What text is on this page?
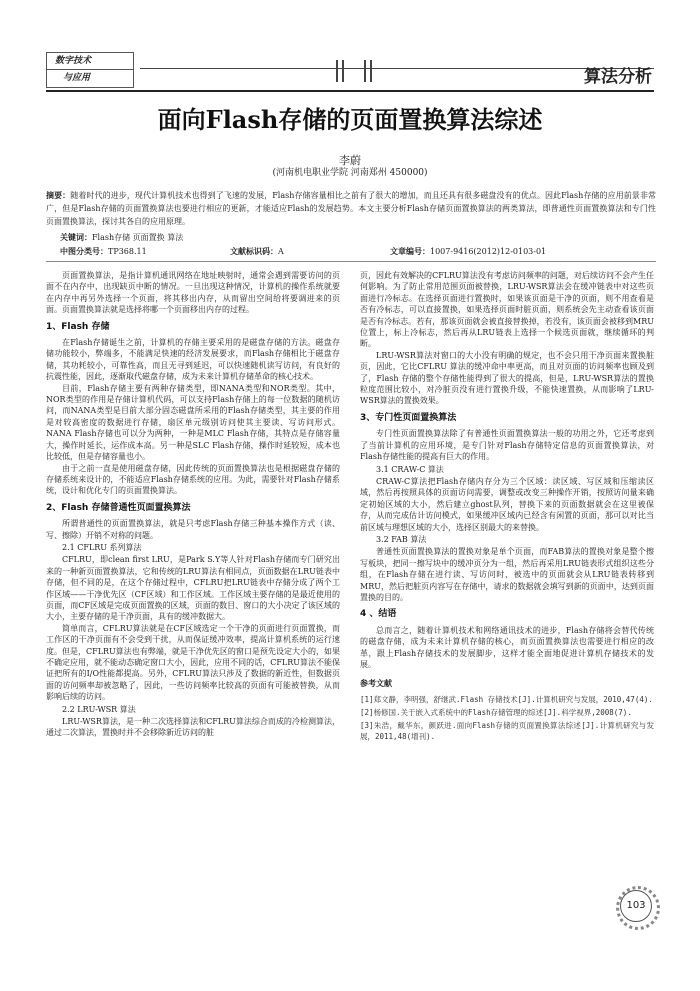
数字技术
与应用	算法分析
面向Flash存储的页面置换算法综述
李蔚
(河南机电职业学院 河南郑州 450000)
摘要：随着时代的进步，现代计算机技术也得到了飞速的发展，Flash存储容量相比之前有了很大的增加，而且还具有很多磁盘没有的优点。因此Flash存储的应用前景非常广，但是Flash存储的页面置换算法也要进行相应的更新，才能适应Flash的发展趋势。本文主要分析Flash存储页面置换算法的两类算法，即普通性页面置换算法和专门性页面置换算法，探讨其各自的应用原理。
关键词：Flash存储 页面置换 算法
中图分类号：TP368.11	文献标识码：A	文章编号：1007-9416(2012)12-0103-01

页面置换算法，是指计算机通讯网络在地址映射时，通常会遇到需要访问的页面不在内存中，出现缺页中断的情况。一旦出现这种情况，计算机的操作系统就要在内存中再另外选择一个页面，将其移出内存，从而留出空间给将要调进来的页面。页面置换算法就是选择将哪一个页面移出内存的过程。

1、Flash 存储

在Flash存储诞生之前，计算机的存储主要采用的是磁盘存储的方法。磁盘存储功能较小，弊端多，不能满足快速的经济发展要求，而Flash存储相比于磁盘存储，其功耗较小，可靠性高，而且无寻到延迟，可以快速随机读写访问，有良好的抗震性能，因此，逐渐取代磁盘存储，成为未来计算机存储革命的核心技术。

目前，Flash存储主要有两种存储类型，即NANA类型和NOR类型。其中，NOR类型的作用是存储计算机代码，可以支持Flash存储上的每一位数据的随机访问，而NANA类型是目前大部分固态磁盘所采用的Flash存储类型，其主要的作用是对较高密度的数据进行存储，扇区单元级别访问使其主要读、写访问形式。NANA Flash存储也可以分为两种，一种是MLC Flash存储，其特点是存储容量大，操作时延长，运作成本高。另一种是SLC Flash存储，操作时延较短，成本也比较低，但是存储容量也小。

由于之前一直是使用磁盘存储，因此传统的页面置换算法也是根据磁盘存储的存储系统来设计的，不能适应Flash存储系统的应用。为此，需要针对Flash存储系统，设计和优化专门的页面置换算法。

2、Flash 存储普通性页面置换算法

所谓普通性的页面置换算法，就是只考虑Flash存储三种基本操作方式（读、写、擦除）开销不对称的问题。

2.1 CFLRU 系列算法

CFLRU，即clean first LRU，是Park S.Y等人针对Flash存储而专门研究出来的一种新页面置换算法，它和传统的LRU算法有相同点，页面数据在LRU链表中存储，但不同的是，在这个存储过程中，CFLRU把LRU链表中存储分成了两个工作区域——干净优先区（CF区域）和工作区域。工作区域主要存储的是最近使用的页面，而CF区域是完成页面置换的区域，页面的数目、窗口的大小决定了该区域的大小，主要存储的是干净页面，具有的缓冲数据大。

简单而言，CFLRU算法就是在CF区域选定一个干净的页面进行页面置换，而工作区的干净页面有不会受到干扰，从而保证缓冲效率，提高计算机系统的运行速度。但是，CFLRU算法也有弊端，就是干净优先区的窗口是预先设定大小的，如果不确定应用，就不能动态确定窗口大小，因此，应用不同的话，CFLRU算法不能保证把所有的I/O性能都提高。另外，CFLRU算法只涉及了数据的新近性，但数据页面的访问频率却被忽略了，因此，一些访问频率比较高的页面有可能被替换，从而影响后续的访问。

2.2 LRU-WSR 算法

LRU-WSR算法，是一种二次选择算法和CFLRU算法综合而成的冷检测算法，通过二次算法，置换时并不会移除新近访问的脏

页，因此有效解决的CFLRU算法没有考虑访问频率的问题，对后续访问不会产生任何影响。为了防止常用范围页面被替换，LRU-WSR算法会在缓冲链表中对这些页面进行冷标志。在选择页面进行置换时，如果该页面是干净的页面，则不用查看是否有冷标志，可以直接置换，如果选择页面时脏页面，则系统会先主动查看该页面是否有冷标志。若有，那该页面就会被直接替换掉，若没有，该页面会被移到MRU位置上，标上冷标志，然后再从LRU链表上选择一个候选页面就，继续循环的判断。

LRU-WSR算法对窗口的大小没有明确的规定，也不会只用干净页面来置换脏页，因此，它比CFLRU 算法的缓冲命中率更高，而且对页面的访问频率也顾及到了，Flash 存储的整个存储性能得到了很大的提高，但是，LRU-WSR算法的置换粒度范围比较小，对冷脏页没有进行置换升级，不能快速置换，从而影响了LRU-WSR算法的置换效果。

3、专门性页面置换算法

专门性页面置换算法除了有普通性页面置换算法一般的功用之外，它还考虑到了当前计算机的应用环境，是专门针对Flash存储特定信息的页面置换算法，对Flash存储性能的提高有巨大的作用。

3.1 CRAW-C 算法

CRAW-C算法把Flash存储内存分为三个区域：读区域、写区域和压缩读区域，然后再按照具体的页面访问需要，调整或改变三种操作开销，按照访问量来确定初始区域的大小，然后建立ghost队列，替换下来的页面数据就会在这里被保存，从而完成估计访问模式，如果缓冲区域内已经含有闲置的页面，那可以对比当前区域与理想区域的大小，选择区别最大的来替换。

3.2 FAB 算法

普通性页面置换算法的置换对象是单个页面，而FAB算法的置换对象是整个擦写板块，把同一擦写块中的缓冲页分为一组，然后再采用LRU链表形式组织这些分组，在Flash存储在进行读、写访问时，被选中的页面就会从LRU链表转移到MRU，然后把脏页内容写在存储中，请求的数据就会填写到新的页面中，达到页面置换的目的。

4 、结语

总而言之，随着计算机技术和网络通讯技术的进步，Flash存储将会替代传统的磁盘存储，成为未来计算机存储的核心，而页面置换算法也需要进行相应的改革，跟上Flash存储技术的发展脚步，这样才能全面地促进计算机存储技术的发展。

参考文献
[1]郑文静，李明强，舒继武.Flash 存储技术[J].计算机研究与发展，2010,47(4).
[2]杨修国.关于嵌入式系统中的Flash存储管理的综述[J].科学视界,2008(7).
[3]朱浩，戴华东，颜跃进.面向Flash存储的页面置换算法综述[J].计算机研究与发展，2011,48(增刊).
103
